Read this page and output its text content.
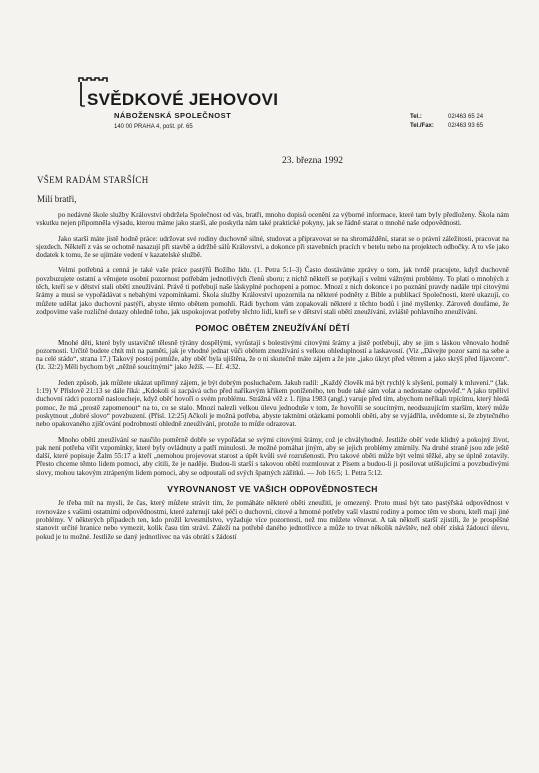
SVĚDKOVÉ JEHOVOVI
NÁBOŽENSKÁ SPOLEČNOST
140 00 PRAHA 4, pošt. př. 65
Tel.:	02/463 65 24
Tel./Fax:	02/463 93 65
23. března 1992
VŠEM RADÁM STARŠÍCH
Milí bratři,

po nedávné škole služby Království obdržela Společnost od vás, bratři, mnoho dopisů ocenění za výborné informace, které tam byly předloženy. Škola nám vskutku nejen připomněla výsadu, kterou máme jako starší, ale poskytla nám také praktické pokyny, jak se řádně starat o mnohé naše odpovědnosti.

Jako starší máte jistě hodně práce: udržovat své rodiny duchovně silné, studovat a připravovat se na shromáždění, starat se o právní záležitosti, pracovat na sjezdech. Někteří z vás se ochotně nasazují při stavbě a údržbě sálů Království, a dokonce při stavebních pracích v betelu nebo na projektech odbočky. A to vše jako dodatek k tomu, že se ujímáte vedení v kazatelské službě.

Velmi potřebná a cenná je také vaše práce pastýřů Božího lidu. (1. Petra 5:1–3) Často dostáváme zprávy o tom, jak tvrdě pracujete, když duchovně povzbuzujete ostatní a věnujete osobní pozornost potřebám jednotlivých členů sboru; z nichž někteří se potýkají s velmi vážnými problémy. To platí o mnohých z těch, kteří se v dětství stali obětí zneužívání. Právě ti potřebují naše láskyplné pochopení a pomoc. Mnozí z nich dokonce i po poznání pravdy nadále trpí citovými šrámy a musí se vypořádávat s nebahými vzpomínkami. Škola služby Království upozornila na některé podněty z Bible a publikací Společnosti, které ukazují, co můžete udělat jako duchovní pastýři, abyste těmto obětem pomohli. Rádi bychom vám zopakovali některé z těchto bodů i jiné myšlenky. Zároveň doufáme, že zodpovíme vaše rozličné dotazy ohledně toho, jak uspokojovat potřeby těchto lidí, kteří se v dětství stali obětí zneužívání, zvláště pohlavního zneužívání.

POMOC OBĚTEM ZNEUŽÍVÁNÍ DĚTÍ

Mnohé děti, které byly ustavičně tělesně týrány dospělými, vyrůstají s bolestivými citovými šrámy a jistě potřebují, aby se jim s láskou věnovalo hodně pozornosti. Určitě budete chtít mít na paměti, jak je vhodné jednat vůči obětem zneužívání s velkou ohleduplností a laskavostí. (Viz „Dávejte pozor sami na sebe a na celé stádo“, strana 17.) Takový postoj pomůže, aby oběť byla ujištěna, že o ni skutečně máte zájem a že jste „jako úkryt před větrem a jako skrýš před lijavcem“. (Iz. 32:2) Měli bychom být „něžně soucitnými“ jako Ježíš. — Ef. 4:32.

Jeden způsob, jak můžete ukázat upřímný zájem, je být dobrým posluchačem. Jakub radil: „Každý člověk má být rychlý k slyšení, pomalý k mluvení.“ (Jak. 1:19) V Příslově 21:13 se dále říká: „Kdokoli si zacpává ucho před naříkavým křikem poníženého, ten bude také sám volat a nedostane odpověď.“ A jako trpěliví duchovní rádci pozorně nasloucheje, když oběť hovoří o svém problému. Strážná věž z 1. října 1983 (angl.) varuje před tím, abychom neříkali trpícímu, který hledá pomoc, že má „prostě zapomenout“ na to, co se stalo. Mnozí nalezli velkou úlevu jednoduše v tom, že hovořili se soucitným, neodsuzujícím starším, který může poskytnout „dobré slovo“ povzbuzení. (Přísl. 12:25) Ačkoli je možná potřeba, abyste taktními otázkami pomohli oběti, aby se vyjádřila, uvědomte si, že zbytečného nebo opakovaného zjišťování podrobností ohledně zneužívání, protože to může odrazovat.

Mnoho obětí zneužívání se naučilo poměrně dobře se vypořádat se svými citovými šrámy, což je chvályhodné. Jestliže oběť vede klidný a pokojný život, pak není potřeba vířit vzpomínky, které byly ovládnuty a patří minulosti. Je možné pomáhat jiným, aby se jejich problémy zmírnily. Na druhé straně jsou zde ještě další, které popisuje Žalm 55:17 a kteří „nemohou projevovat starost a úpět kvůli své rozrušenosti. Pro takové oběti může být velmi těžké, aby se úplně zotavily. Přesto chceme těmto lidem pomoci, aby cítili, že je naděje. Budou-li starší s takovou obětí rozmlouvat z Písem a budou-li ji posilovat utěšujícími a povzbudivými slovy, mohou takovým ztrápeným lidem pomoci, aby se odpoutali od svých špatných zážitků. — Job 16:5; 1. Petra 5:12.

VYROVNANOST VE VAŠICH ODPOVĚDNOSTECH

Je třeba mít na mysli, že čas, který můžete strávit tím, že pomáháte některé oběti zneužití, je omezený. Proto musí být tato pastýřská odpovědnost v rovnováze s vašimi ostatními odpovědnostmi, které zahrnují také péči o duchovní, citové a hmotné potřeby vaší vlastní rodiny a pomoc těm ve sboru, kteří mají jiné problémy. V některých případech ten, kdo prožil krvesmilstvo, vyžaduje více pozornosti, než mu můžete věnovat. A tak někteří starší zjistili, že je prospěšné stanovit určité hranice nebo vymezit, kolik času tím stráví. Záleží na potřebě daného jednotlivce a může to trvat několik návštěv, než oběť získá žádoucí úlevu, pokud je to možné. Jestliže se daný jednotlivec na vás obrátí s žádostí
